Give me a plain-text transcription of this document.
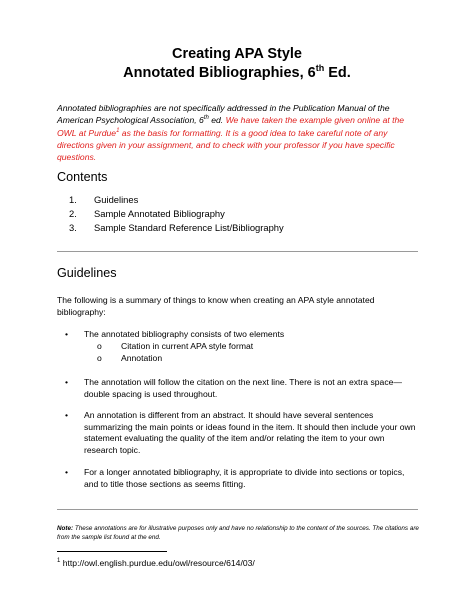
Creating APA Style
Annotated Bibliographies, 6th Ed.
Annotated bibliographies are not specifically addressed in the Publication Manual of the American Psychological Association, 6th ed. We have taken the example given online at the OWL at Purdue$^1$ as the basis for formatting. It is a good idea to take careful note of any directions given in your assignment, and to check with your professor if you have specific questions.
Contents
1.	Guidelines
2.	Sample Annotated Bibliography
3.	Sample Standard Reference List/Bibliography
Guidelines
The following is a summary of things to know when creating an APA style annotated bibliography:
•	The annotated bibliography consists of two elements
o Citation in current APA style format
o Annotation
•	The annotation will follow the citation on the next line. There is not an extra space—double spacing is used throughout.
•	An annotation is different from an abstract. It should have several sentences summarizing the main points or ideas found in the item. It should then include your own statement evaluating the quality of the item and/or relating the item to your own research topic.
•	For a longer annotated bibliography, it is appropriate to divide into sections or topics, and to title those sections as seems fitting.
Note: These annotations are for illustrative purposes only and have no relationship to the content of the sources. The citations are from the sample list found at the end.
$^1$ http://owl.english.purdue.edu/owl/resource/614/03/
